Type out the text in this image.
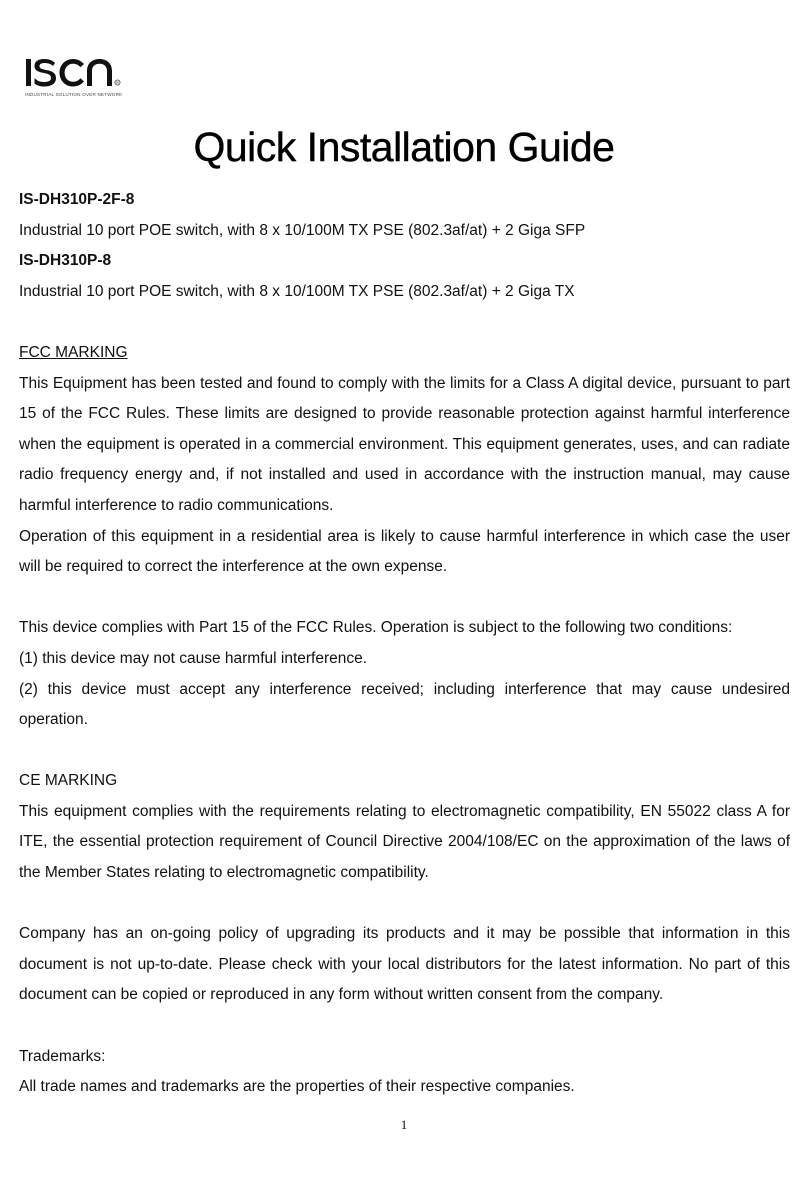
R
INDUSTRIAL SOLUTION OVER NETWORK
Quick Installation Guide

IS-DH310P-2F-8

Industrial 10 port POE switch, with 8 x 10/100M TX PSE (802.3af/at) + 2 Giga SFP

IS-DH310P-8

Industrial 10 port POE switch, with 8 x 10/100M TX PSE (802.3af/at) + 2 Giga TX

FCC MARKING

This Equipment has been tested and found to comply with the limits for a Class A digital device, pursuant to part 15 of the FCC Rules. These limits are designed to provide reasonable protection against harmful interference when the equipment is operated in a commercial environment. This equipment generates, uses, and can radiate radio frequency energy and, if not installed and used in accordance with the instruction manual, may cause harmful interference to radio communications.

Operation of this equipment in a residential area is likely to cause harmful interference in which case the user will be required to correct the interference at the own expense.

This device complies with Part 15 of the FCC Rules. Operation is subject to the following two conditions:

(1) this device may not cause harmful interference.

(2) this device must accept any interference received; including interference that may cause undesired operation.

CE MARKING

This equipment complies with the requirements relating to electromagnetic compatibility, EN 55022 class A for ITE, the essential protection requirement of Council Directive 2004/108/EC on the approximation of the laws of the Member States relating to electromagnetic compatibility.

Company has an on-going policy of upgrading its products and it may be possible that information in this document is not up-to-date. Please check with your local distributors for the latest information. No part of this document can be copied or reproduced in any form without written consent from the company.

Trademarks:

All trade names and trademarks are the properties of their respective companies.

1
